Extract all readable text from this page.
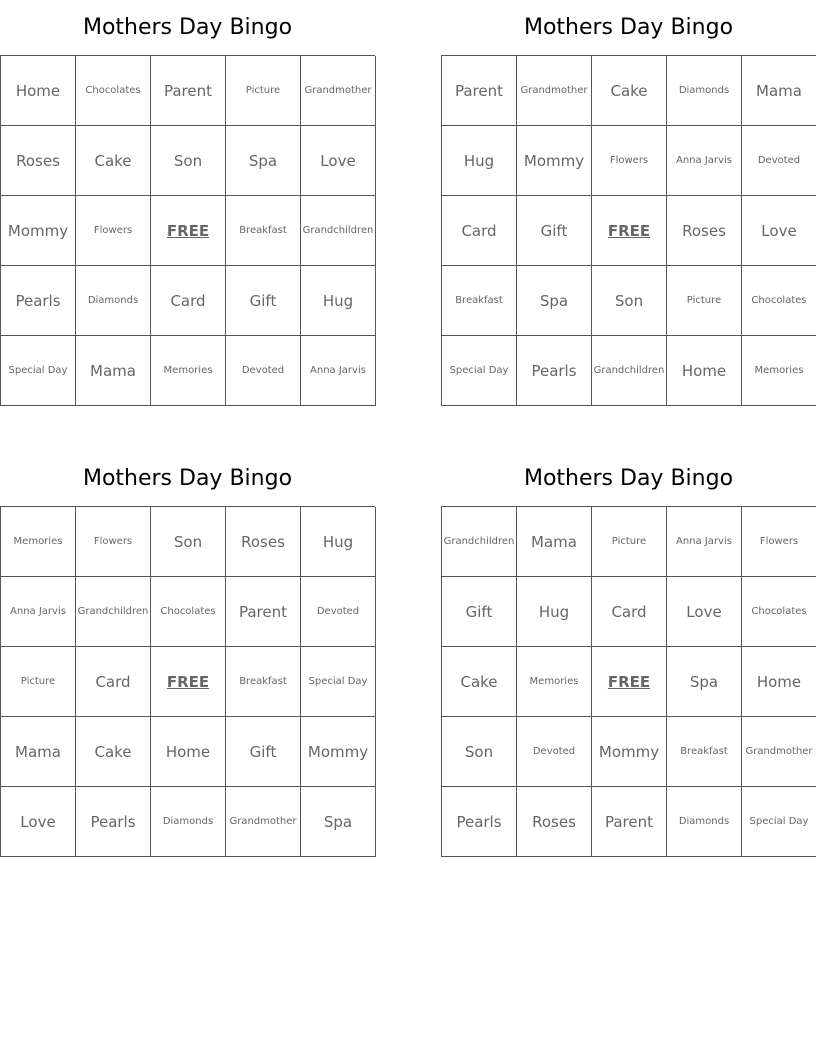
Mothers Day Bingo
Home	Chocolates	Parent	Picture	Grandmother
Roses	Cake	Son	Spa	Love
Mommy	Flowers	FREE	Breakfast	Grandchildren
Pearls	Diamonds	Card	Gift	Hug
Special Day	Mama	Memories	Devoted	Anna Jarvis
Mothers Day Bingo
Parent	Grandmother	Cake	Diamonds	Mama
Hug	Mommy	Flowers	Anna Jarvis	Devoted
Card	Gift	FREE	Roses	Love
Breakfast	Spa	Son	Picture	Chocolates
Special Day	Pearls	Grandchildren	Home	Memories
Mothers Day Bingo
Memories	Flowers	Son	Roses	Hug
Anna Jarvis	Grandchildren	Chocolates	Parent	Devoted
Picture	Card	FREE	Breakfast	Special Day
Mama	Cake	Home	Gift	Mommy
Love	Pearls	Diamonds	Grandmother	Spa
Mothers Day Bingo
Grandchildren	Mama	Picture	Anna Jarvis	Flowers
Gift	Hug	Card	Love	Chocolates
Cake	Memories	FREE	Spa	Home
Son	Devoted	Mommy	Breakfast	Grandmother
Pearls	Roses	Parent	Diamonds	Special Day
